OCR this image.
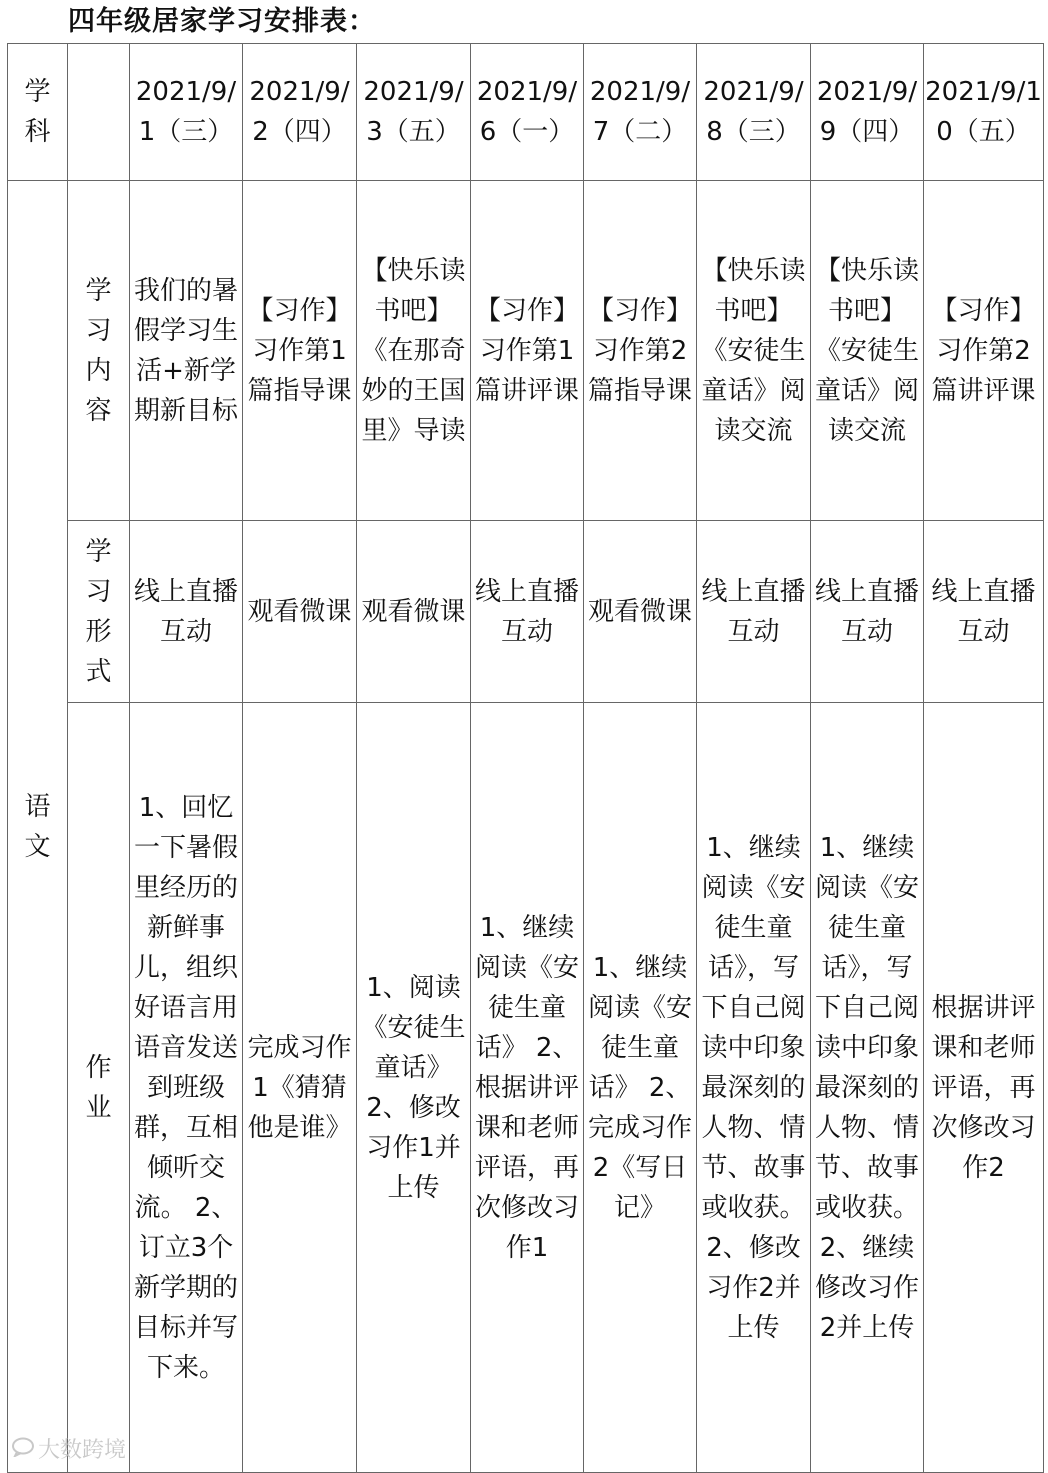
四年级居家学习安排表：
学科		2021/9/1（三）	2021/9/2（四）	2021/9/3（五）	2021/9/6（一）	2021/9/7（二）	2021/9/8（三）	2021/9/9（四）	2021/9/10（五）
语文	学习内容	我们的暑假学习生活+新学期新目标	【习作】习作第1篇指导课	【快乐读书吧】《在那奇妙的王国里》导读	【习作】习作第1篇讲评课	【习作】习作第2篇指导课	【快乐读书吧】《安徒生童话》阅读交流	【快乐读书吧】《安徒生童话》阅读交流	【习作】习作第2篇讲评课
	学习形式	线上直播互动	观看微课	观看微课	线上直播互动	观看微课	线上直播互动	线上直播互动	线上直播互动
	作业	1、回忆一下暑假里经历的新鲜事儿，组织好语言用语音发送到班级群，互相倾听交流。 2、订立3个新学期的目标并写下来。	完成习作1《猜猜他是谁》	1、阅读《安徒生童话》 2、修改习作1并上传	1、继续阅读《安徒生童话》 2、根据讲评课和老师评语，再次修改习作1	1、继续阅读《安徒生童话》 2、完成习作2《写日记》	1、继续阅读《安徒生童话》，写下自己阅读中印象最深刻的人物、情节、故事或收获。 2、修改习作2并上传	1、继续阅读《安徒生童话》，写下自己阅读中印象最深刻的人物、情节、故事或收获。 2、继续修改习作2并上传	根据讲评课和老师评语，再次修改习作2
大数跨境
